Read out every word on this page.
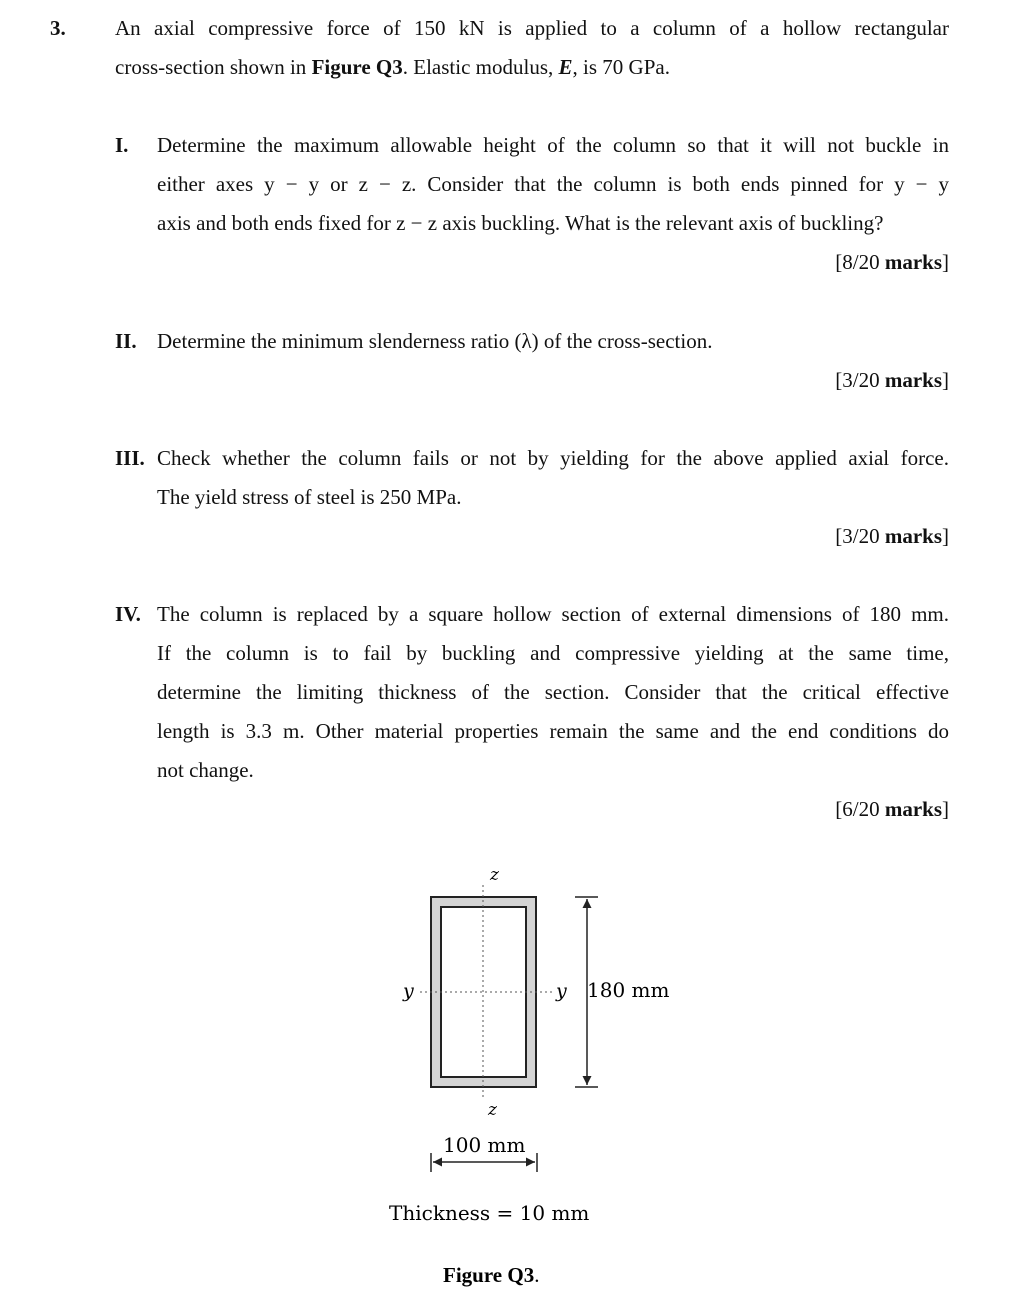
3. An axial compressive force of 150 kN is applied to a column of a hollow rectangular
cross-section shown in Figure Q3. Elastic modulus, E, is 70 GPa.
I. Determine the maximum allowable height of the column so that it will not buckle in
either axes y − y or z − z. Consider that the column is both ends pinned for y − y
axis and both ends fixed for z − z axis buckling. What is the relevant axis of buckling?
[8/20 marks]
II. Determine the minimum slenderness ratio (λ) of the cross-section.
[3/20 marks]
III. Check whether the column fails or not by yielding for the above applied axial force.
The yield stress of steel is 250 MPa.
[3/20 marks]
IV. The column is replaced by a square hollow section of external dimensions of 180 mm.
If the column is to fail by buckling and compressive yielding at the same time,
determine the limiting thickness of the section. Consider that the critical effective
length is 3.3 m. Other material properties remain the same and the end conditions do
not change.
[6/20 marks]
z
z
y	y 180 mm
100 mm
Thickness = 10 mm
Figure Q3.
